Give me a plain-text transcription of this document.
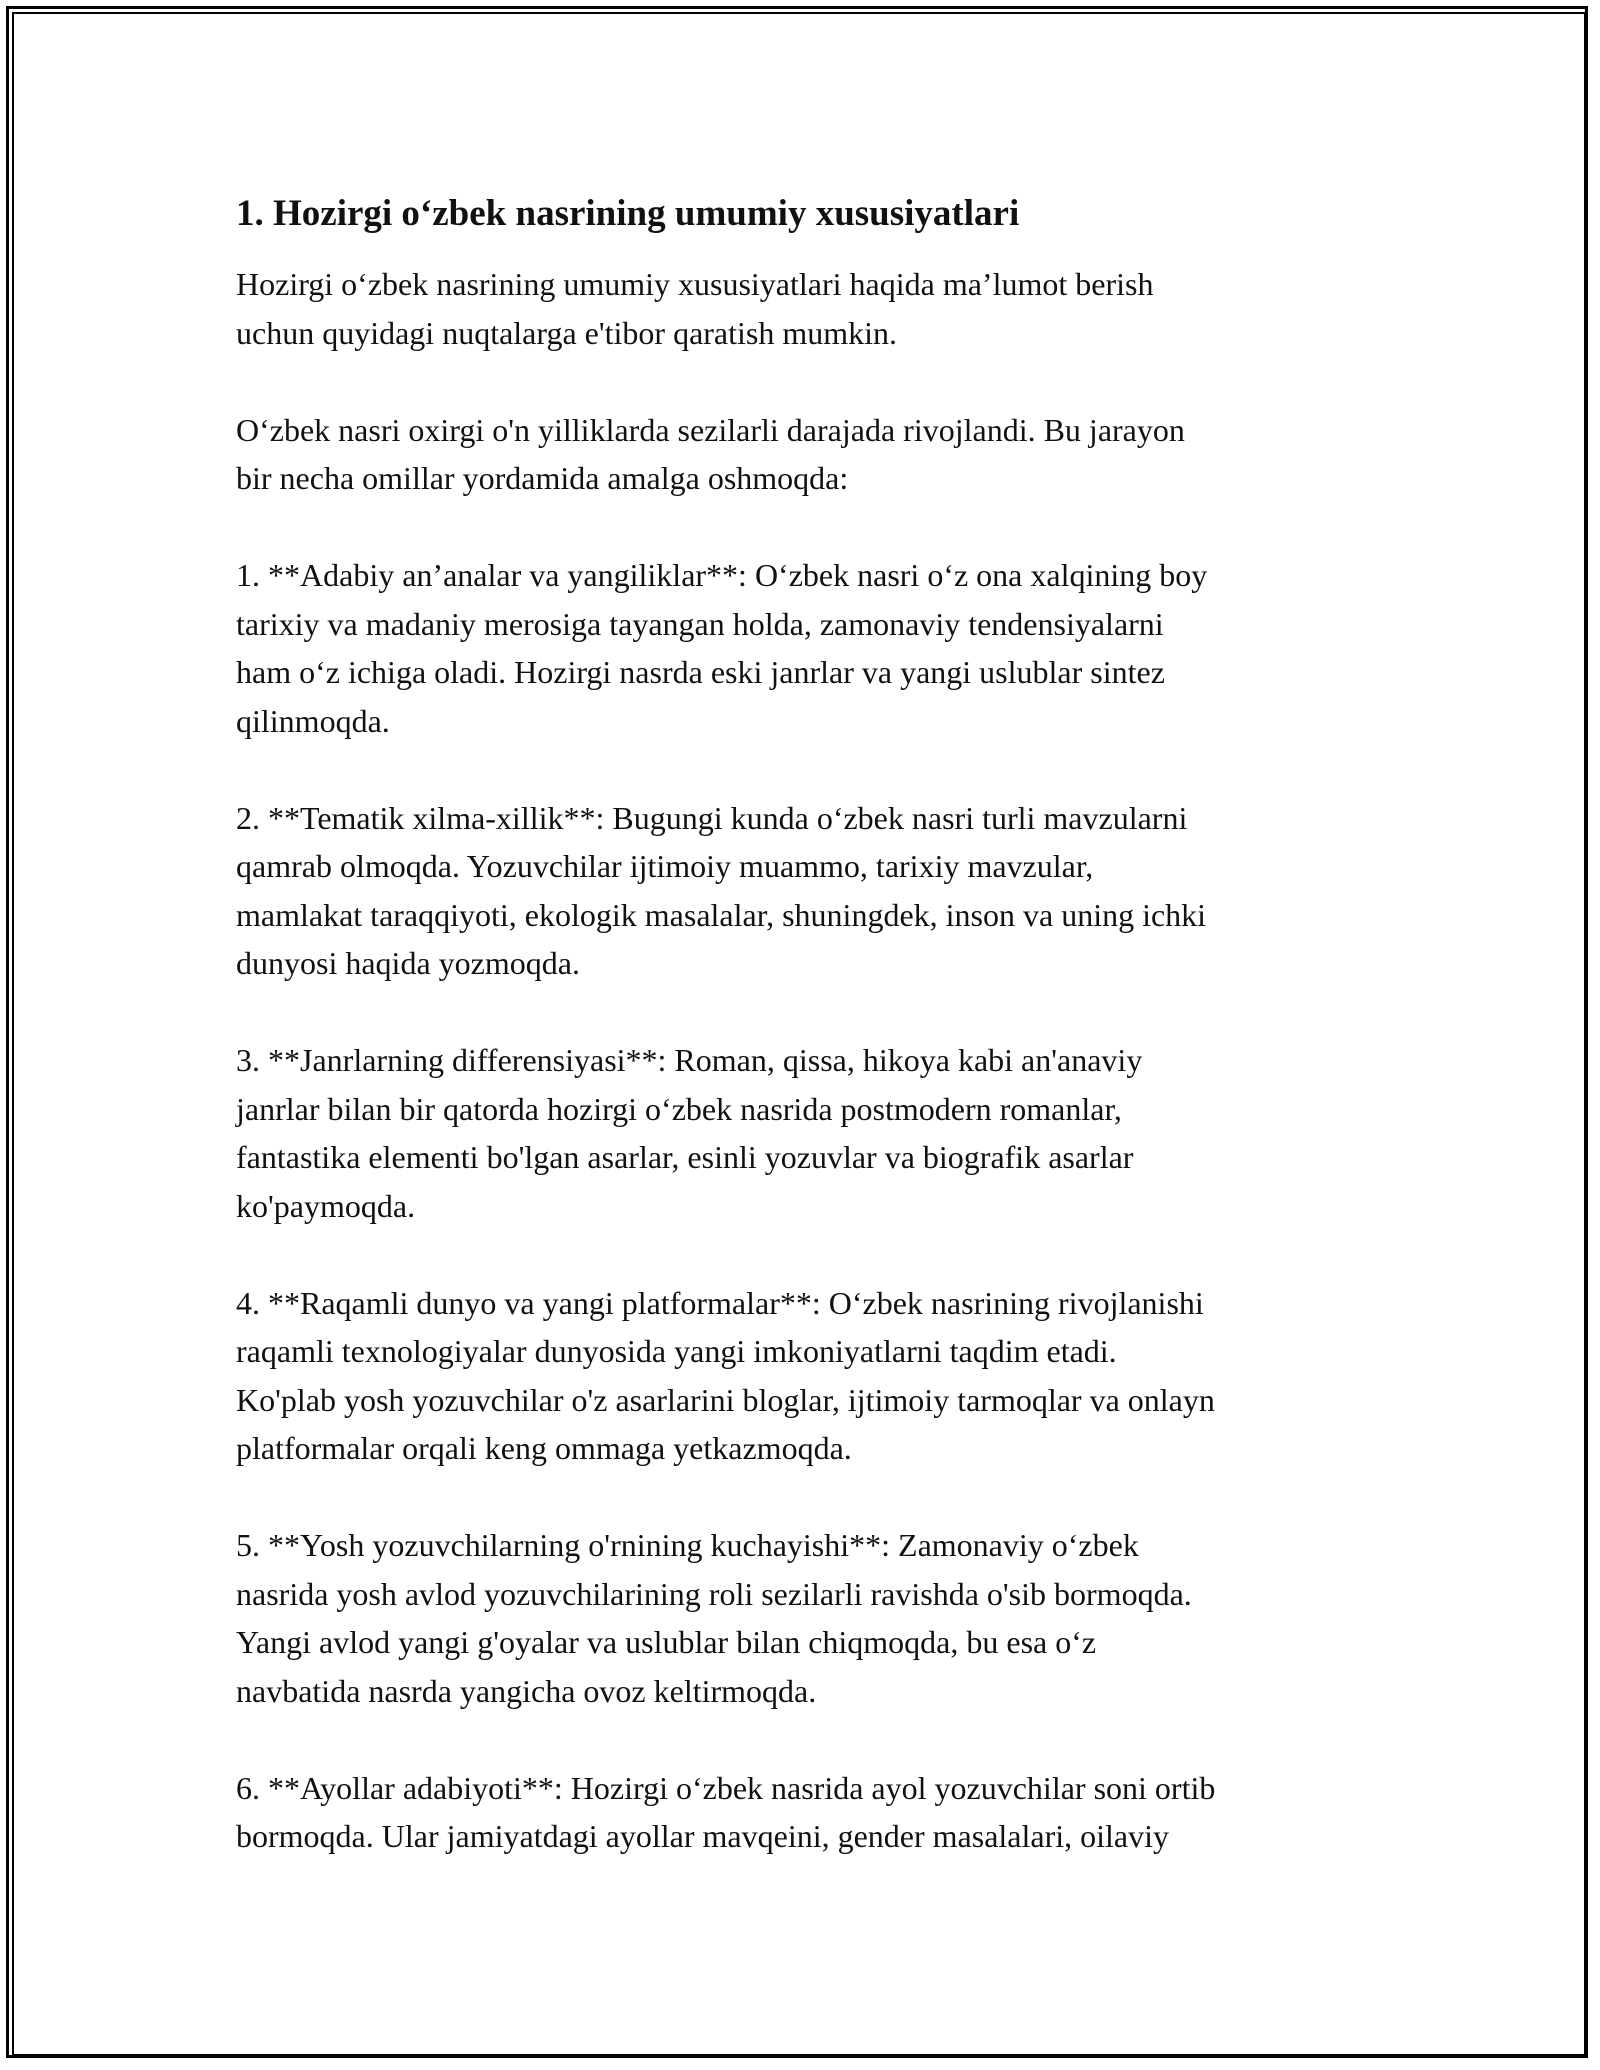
1. Hozirgi o‘zbek nasrining umumiy xususiyatlari

Hozirgi o‘zbek nasrining umumiy xususiyatlari haqida ma’lumot berish
uchun quyidagi nuqtalarga e'tibor qaratish mumkin.

O‘zbek nasri oxirgi o'n yilliklarda sezilarli darajada rivojlandi. Bu jarayon
bir necha omillar yordamida amalga oshmoqda:

1. **Adabiy an’analar va yangiliklar**: O‘zbek nasri o‘z ona xalqining boy
tarixiy va madaniy merosiga tayangan holda, zamonaviy tendensiyalarni
ham o‘z ichiga oladi. Hozirgi nasrda eski janrlar va yangi uslublar sintez
qilinmoqda.

2. **Tematik xilma-xillik**: Bugungi kunda o‘zbek nasri turli mavzularni
qamrab olmoqda. Yozuvchilar ijtimoiy muammo, tarixiy mavzular,
mamlakat taraqqiyoti, ekologik masalalar, shuningdek, inson va uning ichki
dunyosi haqida yozmoqda.

3. **Janrlarning differensiyasi**: Roman, qissa, hikoya kabi an'anaviy
janrlar bilan bir qatorda hozirgi o‘zbek nasrida postmodern romanlar,
fantastika elementi bo'lgan asarlar, esinli yozuvlar va biografik asarlar
ko'paymoqda.

4. **Raqamli dunyo va yangi platformalar**: O‘zbek nasrining rivojlanishi
raqamli texnologiyalar dunyosida yangi imkoniyatlarni taqdim etadi.
Ko'plab yosh yozuvchilar o'z asarlarini bloglar, ijtimoiy tarmoqlar va onlayn
platformalar orqali keng ommaga yetkazmoqda.

5. **Yosh yozuvchilarning o'rnining kuchayishi**: Zamonaviy o‘zbek
nasrida yosh avlod yozuvchilarining roli sezilarli ravishda o'sib bormoqda.
Yangi avlod yangi g'oyalar va uslublar bilan chiqmoqda, bu esa o‘z
navbatida nasrda yangicha ovoz keltirmoqda.

6. **Ayollar adabiyoti**: Hozirgi o‘zbek nasrida ayol yozuvchilar soni ortib
bormoqda. Ular jamiyatdagi ayollar mavqeini, gender masalalari, oilaviy
